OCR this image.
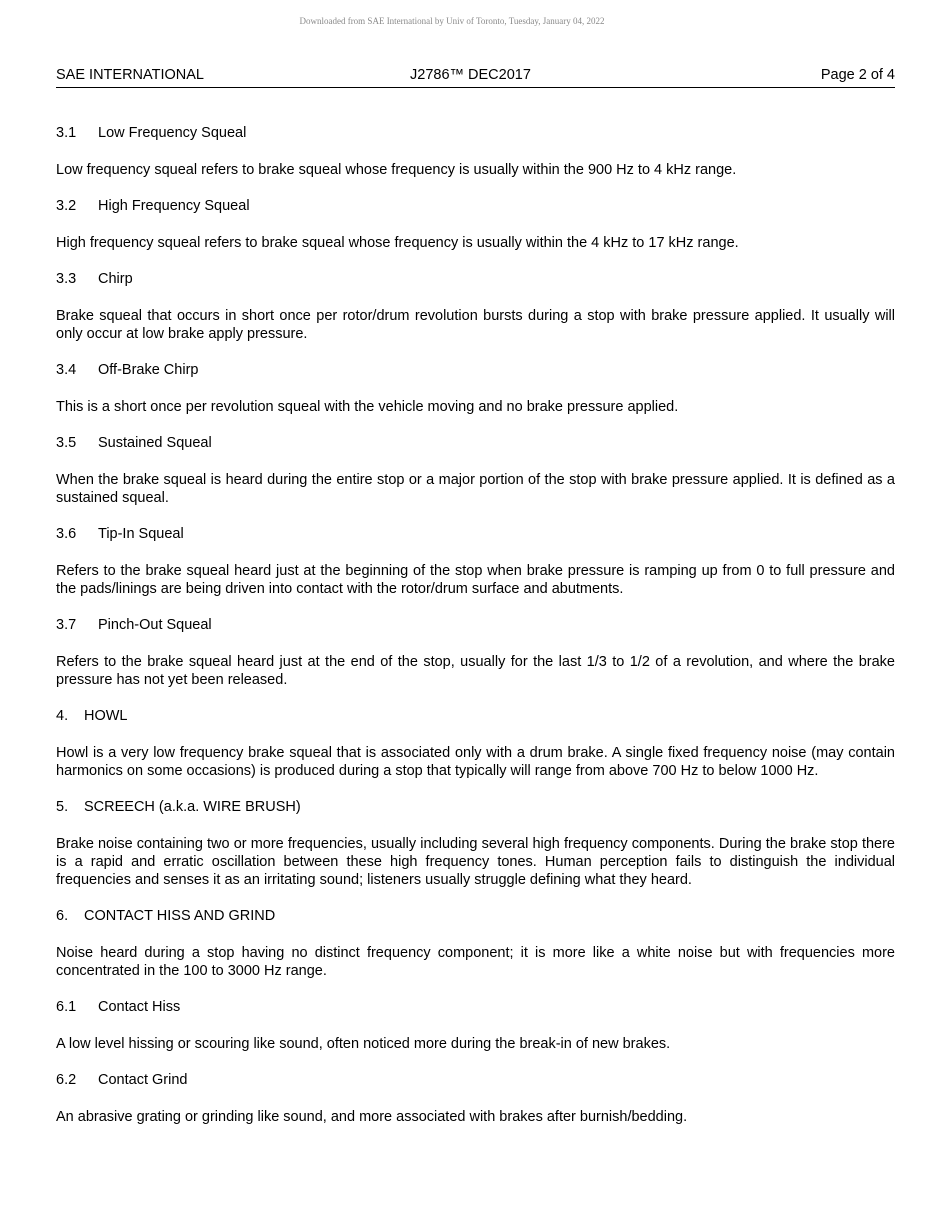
Downloaded from SAE International by Univ of Toronto, Tuesday, January 04, 2022
SAE INTERNATIONAL	J2786™ DEC2017	Page 2 of 4
3.1 Low Frequency Squeal

Low frequency squeal refers to brake squeal whose frequency is usually within the 900 Hz to 4 kHz range.

3.2 High Frequency Squeal

High frequency squeal refers to brake squeal whose frequency is usually within the 4 kHz to 17 kHz range.

3.3 Chirp

Brake squeal that occurs in short once per rotor/drum revolution bursts during a stop with brake pressure applied. It usually will only occur at low brake apply pressure.

3.4 Off-Brake Chirp

This is a short once per revolution squeal with the vehicle moving and no brake pressure applied.

3.5 Sustained Squeal

When the brake squeal is heard during the entire stop or a major portion of the stop with brake pressure applied. It is defined as a sustained squeal.

3.6 Tip-In Squeal

Refers to the brake squeal heard just at the beginning of the stop when brake pressure is ramping up from 0 to full pressure and the pads/linings are being driven into contact with the rotor/drum surface and abutments.

3.7 Pinch-Out Squeal

Refers to the brake squeal heard just at the end of the stop, usually for the last 1/3 to 1/2 of a revolution, and where the brake pressure has not yet been released.

4. HOWL

Howl is a very low frequency brake squeal that is associated only with a drum brake. A single fixed frequency noise (may contain harmonics on some occasions) is produced during a stop that typically will range from above 700 Hz to below 1000 Hz.

5. SCREECH (a.k.a. WIRE BRUSH)

Brake noise containing two or more frequencies, usually including several high frequency components. During the brake stop there is a rapid and erratic oscillation between these high frequency tones. Human perception fails to distinguish the individual frequencies and senses it as an irritating sound; listeners usually struggle defining what they heard.

6. CONTACT HISS AND GRIND

Noise heard during a stop having no distinct frequency component; it is more like a white noise but with frequencies more concentrated in the 100 to 3000 Hz range.

6.1 Contact Hiss

A low level hissing or scouring like sound, often noticed more during the break-in of new brakes.

6.2 Contact Grind

An abrasive grating or grinding like sound, and more associated with brakes after burnish/bedding.
